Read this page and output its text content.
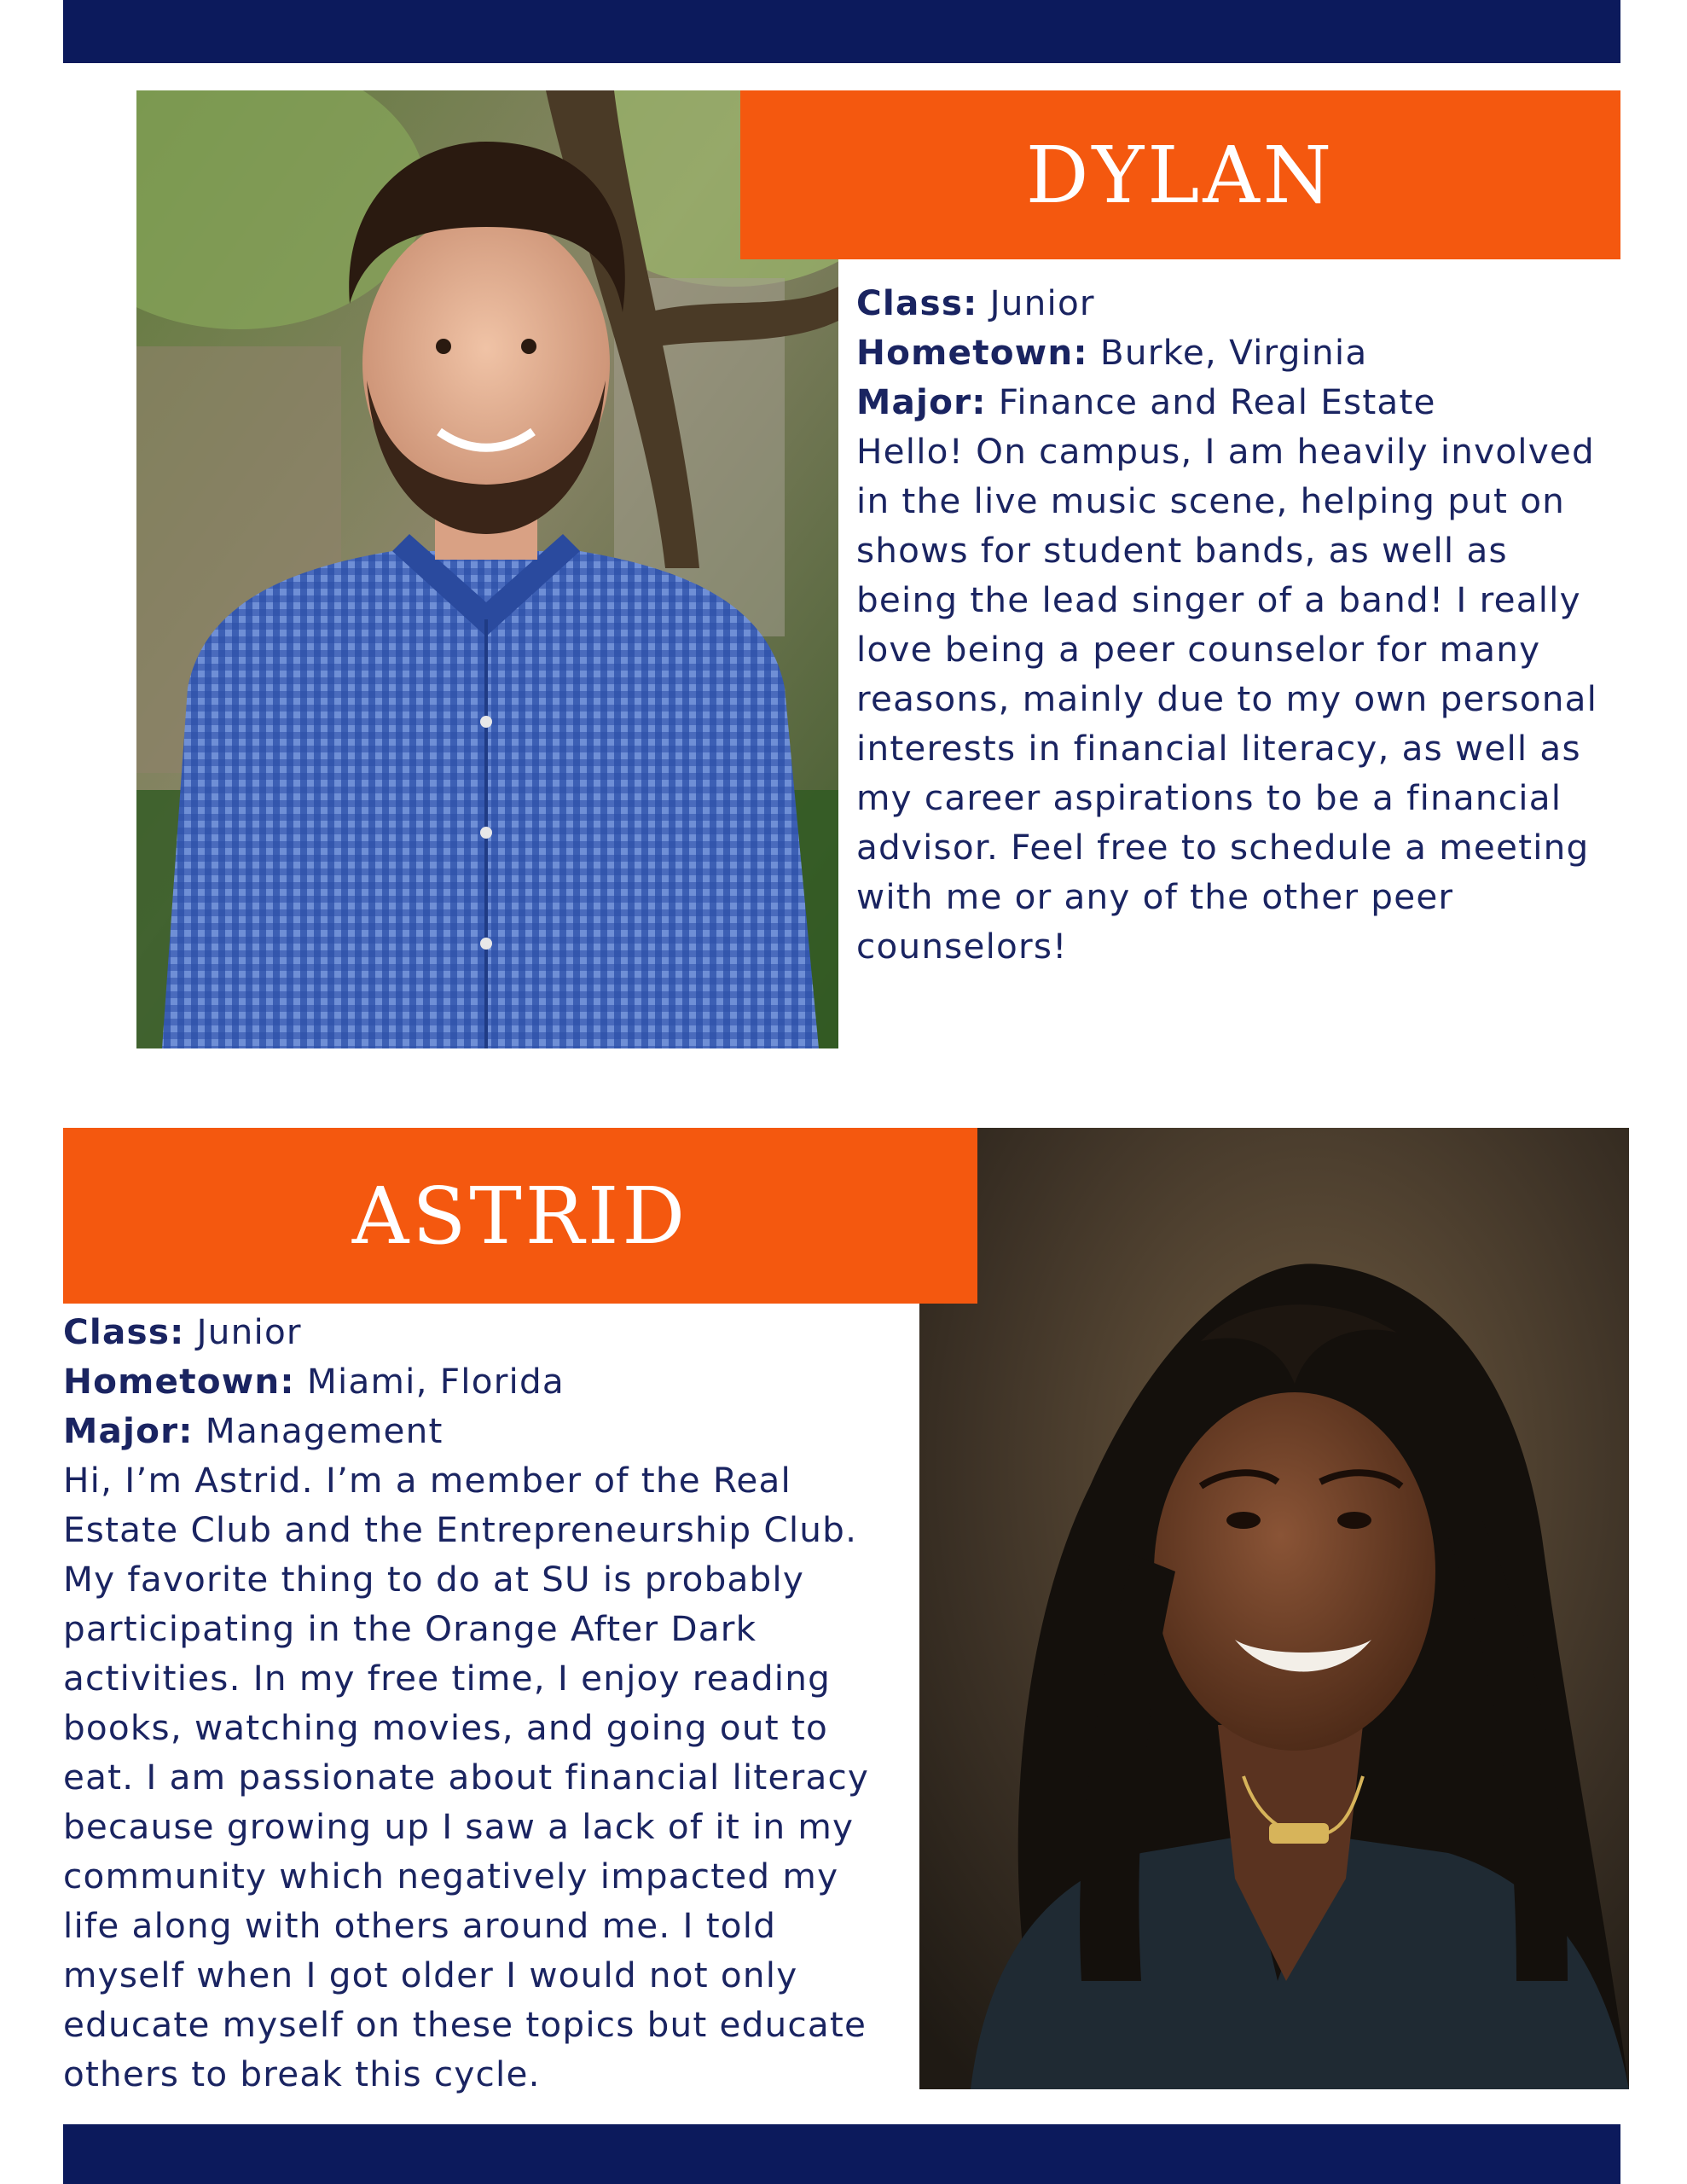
DYLAN
Class: Junior
Hometown: Burke, Virginia
Major: Finance and Real Estate
Hello! On campus, I am heavily involved
in the live music scene, helping put on
shows for student bands, as well as
being the lead singer of a band! I really
love being a peer counselor for many
reasons, mainly due to my own personal
interests in financial literacy, as well as
my career aspirations to be a financial
advisor. Feel free to schedule a meeting
with me or any of the other peer
counselors!
ASTRID
Class: Junior
Hometown: Miami, Florida
Major: Management
Hi, I’m Astrid. I’m a member of the Real
Estate Club and the Entrepreneurship Club.
My favorite thing to do at SU is probably
participating in the Orange After Dark
activities. In my free time, I enjoy reading
books, watching movies, and going out to
eat. I am passionate about financial literacy
because growing up I saw a lack of it in my
community which negatively impacted my
life along with others around me. I told
myself when I got older I would not only
educate myself on these topics but educate
others to break this cycle.
